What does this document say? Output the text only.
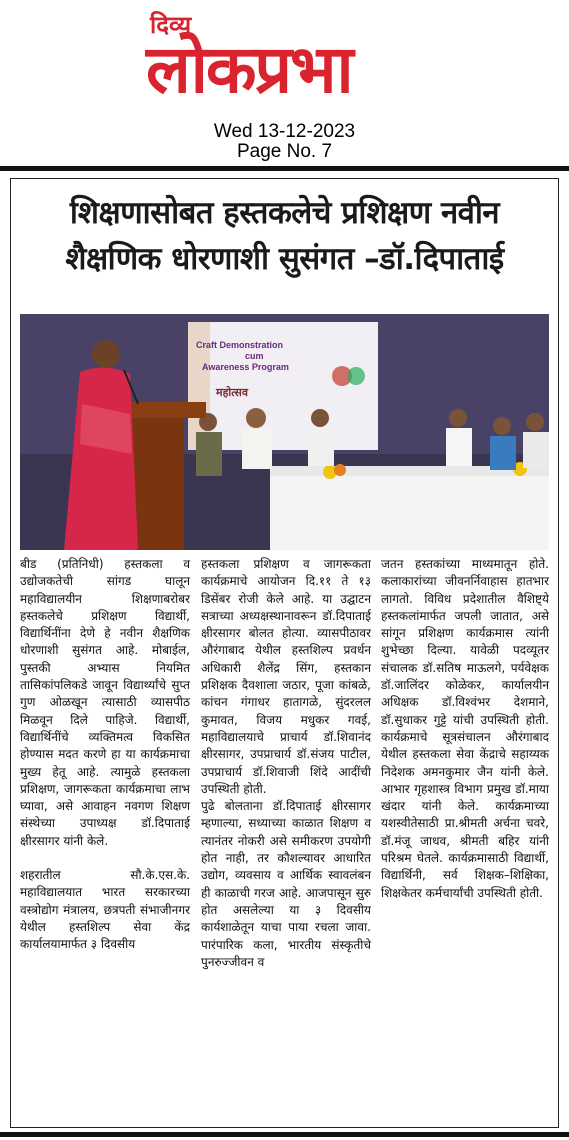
दिव्य
लोकप्रभा
Wed 13-12-2023
Page No. 7
शिक्षणासोबत हस्तकलेचे प्रशिक्षण नवीन
शैक्षणिक धोरणाशी सुसंगत –डॉ.दिपाताई
Craft Demonstration
cum
Awareness Program
महोत्सव

बीड (प्रतिनिधी) हस्तकला व उद्योजकतेची सांगड घालून महाविद्यालयीन शिक्षणाबरोबर हस्तकलेचे प्रशिक्षण विद्यार्थी, विद्यार्थिनींना देणे हे नवीन शैक्षणिक धोरणाशी सुसंगत आहे. मोबाईल, पुस्तकी अभ्यास नियमित तासिकांपलिकडे जावून विद्यार्थ्यांचे सुप्त गुण ओळखून त्यासाठी व्यासपीठ मिळवून दिले पाहिजे. विद्यार्थी, विद्यार्थिनींचे व्यक्तिमत्व विकसित होण्यास मदत करणे हा या कार्यक्रमाचा मुख्य हेतू आहे. त्यामुळे हस्तकला प्रशिक्षण, जागरूकता कार्यक्रमाचा लाभ घ्यावा, असे आवाहन नवगण शिक्षण संस्थेच्या उपाध्यक्ष डॉ.दिपाताई क्षीरसागर यांनी केले.

शहरातील सौ.के.एस.के. महाविद्यालयात भारत सरकारच्या वस्त्रोद्योग मंत्रालय, छत्रपती संभाजीनगर येथील हस्तशिल्प सेवा केंद्र कार्यालयामार्फत ३ दिवसीय

हस्तकला प्रशिक्षण व जागरूकता कार्यक्रमाचे आयोजन दि.११ ते १३ डिसेंबर रोजी केले आहे. या उद्घाटन सत्राच्या अध्यक्षस्थानावरून डॉ.दिपाताई क्षीरसागर बोलत होत्या. व्यासपीठावर औरंगाबाद येथील हस्तशिल्प प्रवर्धन अधिकारी शैलेंद्र सिंग, हस्तकान प्रशिक्षक दैवशाला जठार, पूजा कांबळे, कांचन गंगाधर हातागळे, सुंदरलल कुमावत, विजय मधुकर गवई, महाविद्यालयाचे प्राचार्य डॉ.शिवानंद क्षीरसागर, उपप्राचार्य डॉ.संजय पाटील, उपप्राचार्य डॉ.शिवाजी शिंदे आदींची उपस्थिती होती.

पुढे बोलताना डॉ.दिपाताई क्षीरसागर म्हणाल्या, सध्याच्या काळात शिक्षण व त्यानंतर नोकरी असे समीकरण उपयोगी होत नाही, तर कौशल्यावर आधारित उद्योग, व्यवसाय व आर्थिक स्वावलंबन ही काळाची गरज आहे. आजपासून सुरु होत असलेल्या या ३ दिवसीय कार्यशाळेतून याचा पाया रचला जावा. पारंपारिक कला, भारतीय संस्कृतीचे पुनरुज्जीवन व

जतन हस्तकांच्या माध्यमातून होते. कलाकारांच्या जीवनर्निवाहास हातभार लागतो. विविध प्रदेशातील वैशिष्ट्ये हस्तकलांमार्फत जपली जातात, असे सांगून प्रशिक्षण कार्यक्रमास त्यांनी शुभेच्छा दिल्या. यावेळी पदव्यूतर संचालक डॉ.सतिष माऊलगे, पर्यवेक्षक डॉ.जालिंदर कोळेकर, कार्यालयीन अधिक्षक डॉ.विश्वंभर देशमाने, डॉ.सुधाकर गुट्टे यांची उपस्थिती होती. कार्यक्रमाचे सूत्रसंचालन औरंगाबाद येथील हस्तकला सेवा केंद्राचे सहाय्यक निदेशक अमनकुमार जैन यांनी केले. आभार गृहशास्त्र विभाग प्रमुख डॉ.माया खंदार यांनी केले. कार्यक्रमाच्या यशस्वीतेसाठी प्रा.श्रीमती अर्चना चवरे, डॉ.मंजू जाधव, श्रीमती बहिर यांनी परिश्रम घेतले. कार्यक्रमासाठी विद्यार्थी, विद्यार्थिनी, सर्व शिक्षक–शिक्षिका, शिक्षकेतर कर्मचार्यांची उपस्थिती होती.
